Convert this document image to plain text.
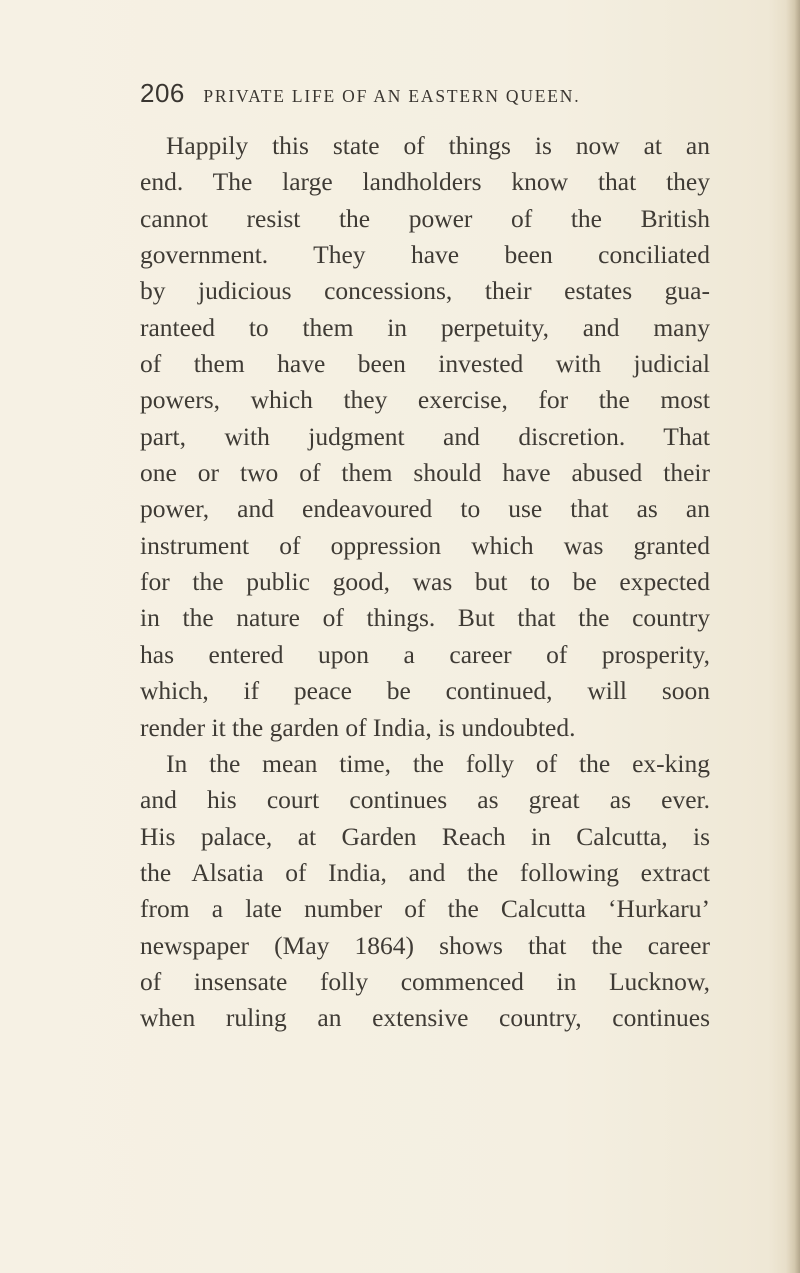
206 PRIVATE LIFE OF AN EASTERN QUEEN.
Happily this state of things is now at an
end. The large landholders know that they
cannot resist the power of the British
government. They have been conciliated
by judicious concessions, their estates gua-
ranteed to them in perpetuity, and many
of them have been invested with judicial
powers, which they exercise, for the most
part, with judgment and discretion. That
one or two of them should have abused their
power, and endeavoured to use that as an
instrument of oppression which was granted
for the public good, was but to be expected
in the nature of things. But that the country
has entered upon a career of prosperity,
which, if peace be continued, will soon
render it the garden of India, is undoubted.
In the mean time, the folly of the ex-king
and his court continues as great as ever.
His palace, at Garden Reach in Calcutta, is
the Alsatia of India, and the following extract
from a late number of the Calcutta ‘Hurkaru’
newspaper (May 1864) shows that the career
of insensate folly commenced in Lucknow,
when ruling an extensive country, continues
